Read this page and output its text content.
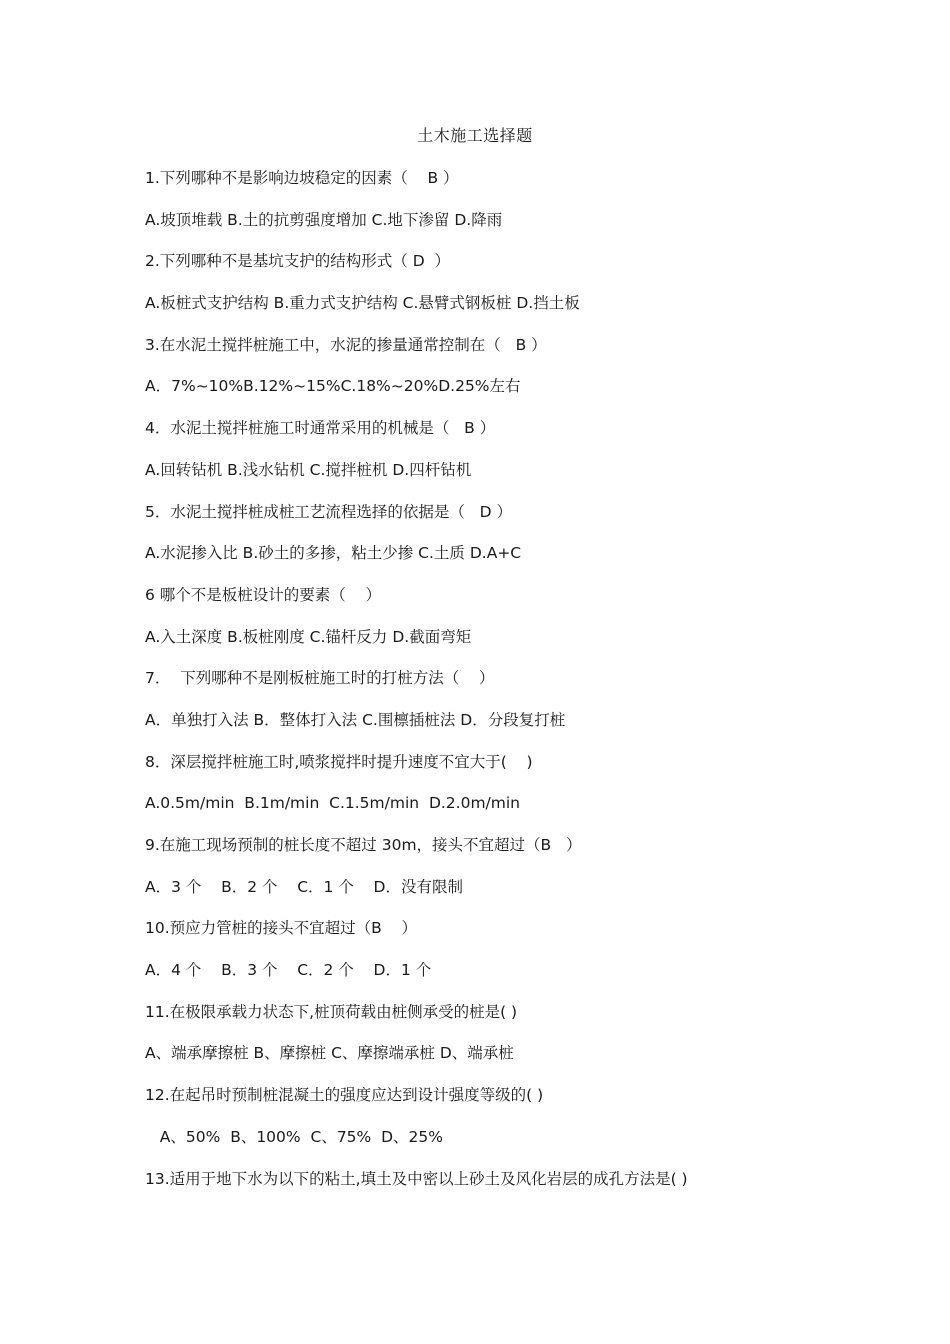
土木施工选择题
1.下列哪种不是影响边坡稳定的因素（    B ）
A.坡顶堆载 B.土的抗剪强度增加 C.地下渗留 D.降雨
2.下列哪种不是基坑支护的结构形式（ D  ）
A.板桩式支护结构 B.重力式支护结构 C.悬臂式钢板桩 D.挡土板
3.在水泥土搅拌桩施工中，水泥的掺量通常控制在（   B ）
A．7%~10%B.12%~15%C.18%~20%D.25%左右
4．水泥土搅拌桩施工时通常采用的机械是（   B ）
A.回转钻机 B.浅水钻机 C.搅拌桩机 D.四杆钻机
5．水泥土搅拌桩成桩工艺流程选择的依据是（   D ）
A.水泥掺入比 B.砂土的多掺，粘土少掺 C.土质 D.A+C
6 哪个不是板桩设计的要素（    ）
A.入土深度 B.板桩刚度 C.锚杆反力 D.截面弯矩
7．  下列哪种不是刚板桩施工时的打桩方法（    ）
A．单独打入法 B．整体打入法 C.围檩插桩法 D．分段复打桩
8．深层搅拌桩施工时,喷浆搅拌时提升速度不宜大于(    )
A.0.5m/min  B.1m/min  C.1.5m/min  D.2.0m/min
9.在施工现场预制的桩长度不超过 30m，接头不宜超过（B   ）
A．3 个    B．2 个    C．1 个    D．没有限制
10.预应力管桩的接头不宜超过（B    ）
A．4 个    B．3 个    C．2 个    D．1 个
11.在极限承载力状态下,桩顶荷载由桩侧承受的桩是( )
A、端承摩擦桩 B、摩擦桩 C、摩擦端承桩 D、端承桩
12.在起吊时预制桩混凝土的强度应达到设计强度等级的( )
A、50%  B、100%  C、75%  D、25%
13.适用于地下水为以下的粘土,填土及中密以上砂土及风化岩层的成孔方法是( )
